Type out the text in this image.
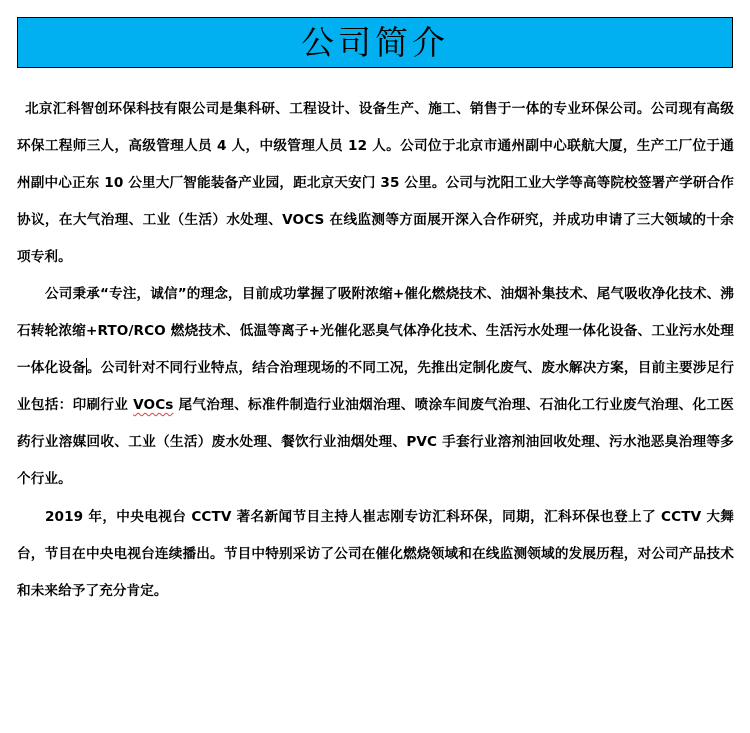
公司简介

北京汇科智创环保科技有限公司是集科研、工程设计、设备生产、施工、销售于一体的专业环保公司。公司现有高级环保工程师三人，高级管理人员 4 人，中级管理人员 12 人。公司位于北京市通州副中心联航大厦，生产工厂位于通州副中心正东 10 公里大厂智能装备产业园，距北京天安门 35 公里。公司与沈阳工业大学等高等院校签署产学研合作协议，在大气治理、工业（生活）水处理、VOCS 在线监测等方面展开深入合作研究，并成功申请了三大领域的十余项专利。

公司秉承“专注，诚信”的理念，目前成功掌握了吸附浓缩+催化燃烧技术、油烟补集技术、尾气吸收净化技术、沸石转轮浓缩+RTO/RCO 燃烧技术、低温等离子+光催化恶臭气体净化技术、生活污水处理一体化设备、工业污水处理一体化设备。公司针对不同行业特点，结合治理现场的不同工况，先推出定制化废气、废水解决方案，目前主要涉足行业包括：印刷行业 VOCs 尾气治理、标准件制造行业油烟治理、喷涂车间废气治理、石油化工行业废气治理、化工医药行业溶媒回收、工业（生活）废水处理、餐饮行业油烟处理、PVC 手套行业溶剂油回收处理、污水池恶臭治理等多个行业。

2019 年，中央电视台 CCTV 著名新闻节目主持人崔志刚专访汇科环保，同期，汇科环保也登上了 CCTV 大舞台，节目在中央电视台连续播出。节目中特别采访了公司在催化燃烧领域和在线监测领域的发展历程，对公司产品技术和未来给予了充分肯定。
